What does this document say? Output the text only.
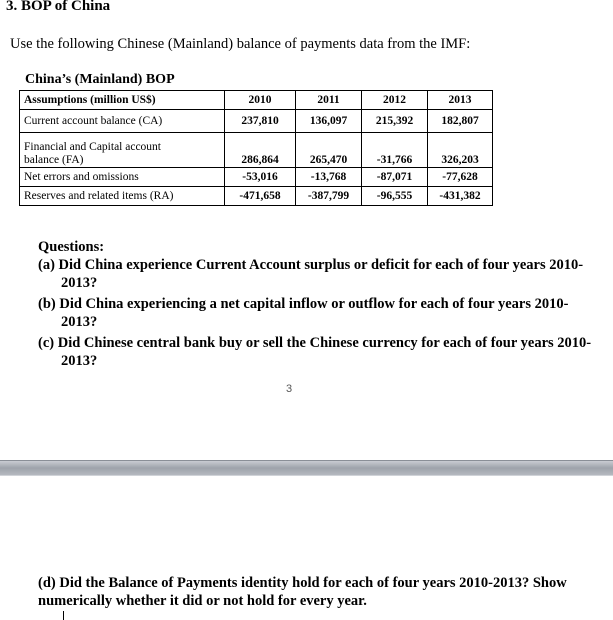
3. BOP of China
Use the following Chinese (Mainland) balance of payments data from the IMF:
China’s (Mainland) BOP
Assumptions (million US$)	2010	2011	2012	2013
Current account balance (CA)	237,810	136,097	215,392	182,807
Financial and Capital account
balance (FA)	286,864	265,470	-31,766	326,203
Net errors and omissions	-53,016	-13,768	-87,071	-77,628
Reserves and related items (RA)	-471,658	-387,799	-96,555	-431,382
Questions:
(a) Did China experience Current Account surplus or deficit for each of four years 2010-2013?
(b) Did China experiencing a net capital inflow or outflow for each of four years 2010-2013?
(c) Did Chinese central bank buy or sell the Chinese currency for each of four years 2010-2013?
3
(d) Did the Balance of Payments identity hold for each of four years 2010-2013? Show numerically whether it did or not hold for every year.
